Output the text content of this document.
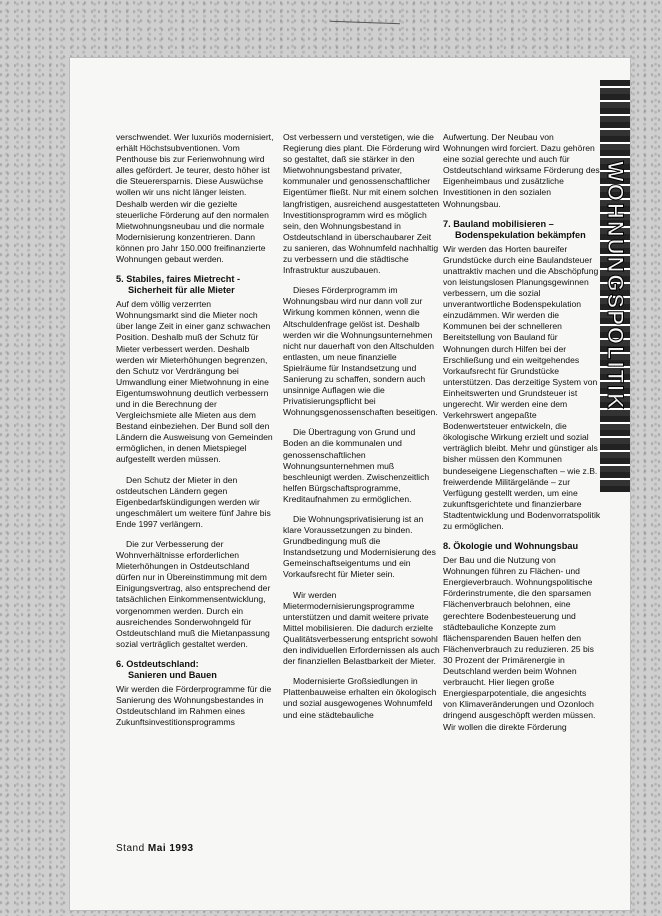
WOHNUNGSPOLITIK

verschwendet. Wer luxuriös modernisiert, erhält Höchstsubventionen. Vom Penthouse bis zur Ferienwohnung wird alles gefördert. Je teurer, desto höher ist die Steuerersparnis. Diese Auswüchse wollen wir uns nicht länger leisten. Deshalb werden wir die gezielte steuerliche Förderung auf den normalen Mietwohnungsneubau und die normale Modernisierung konzentrieren. Dann können pro Jahr 150.000 freifinanzierte Wohnungen gebaut werden.

5. Stabiles, faires Mietrecht -
Sicherheit für alle Mieter

Auf dem völlig verzerrten Wohnungsmarkt sind die Mieter noch über lange Zeit in einer ganz schwachen Position. Deshalb muß der Schutz für Mieter verbessert werden. Deshalb werden wir Mieterhöhungen begrenzen, den Schutz vor Verdrängung bei Umwandlung einer Mietwohnung in eine Eigentumswohnung deutlich verbessern und in die Berechnung der Vergleichsmiete alle Mieten aus dem Bestand einbeziehen. Der Bund soll den Ländern die Ausweisung von Gemeinden ermöglichen, in denen Mietspiegel aufgestellt werden müssen.

Den Schutz der Mieter in den ostdeutschen Ländern gegen Eigenbedarfskündigungen werden wir ungeschmälert um weitere fünf Jahre bis Ende 1997 verlängern.

Die zur Verbesserung der Wohnverhältnisse erforderlichen Mieterhöhungen in Ostdeutschland dürfen nur in Übereinstimmung mit dem Einigungsvertrag, also entsprechend der tatsächlichen Einkommensentwicklung, vorgenommen werden. Durch ein ausreichendes Sonderwohngeld für Ostdeutschland muß die Mietanpassung sozial verträglich gestaltet werden.

6. Ostdeutschland:
Sanieren und Bauen

Wir werden die Förderprogramme für die Sanierung des Wohnungsbestandes in Ostdeutschland im Rahmen eines Zukunftsinvestitionsprogramms

Ost verbessern und verstetigen, wie die Regierung dies plant. Die Förderung wird so gestaltet, daß sie stärker in den Mietwohnungsbestand privater, kommunaler und genossenschaftlicher Eigentümer fließt. Nur mit einem solchen langfristigen, ausreichend ausgestatteten Investitionsprogramm wird es möglich sein, den Wohnungsbestand in Ostdeutschland in überschaubarer Zeit zu sanieren, das Wohnumfeld nachhaltig zu verbessern und die städtische Infrastruktur auszubauen.

Dieses Förderprogramm im Wohnungsbau wird nur dann voll zur Wirkung kommen können, wenn die Altschuldenfrage gelöst ist. Deshalb werden wir die Wohnungsunternehmen nicht nur dauerhaft von den Altschulden entlasten, um neue finanzielle Spielräume für Instandsetzung und Sanierung zu schaffen, sondern auch unsinnige Auflagen wie die Privatisierungspflicht bei Wohnungsgenossenschaften beseitigen.

Die Übertragung von Grund und Boden an die kommunalen und genossenschaftlichen Wohnungsunternehmen muß beschleunigt werden. Zwischenzeitlich helfen Bürgschaftsprogramme, Kreditaufnahmen zu ermöglichen.

Die Wohnungsprivatisierung ist an klare Voraussetzungen zu binden. Grundbedingung muß die Instandsetzung und Modernisierung des Gemeinschaftseigentums und ein Vorkaufsrecht für Mieter sein.

Wir werden Mietermodernisierungsprogramme unterstützen und damit weitere private Mittel mobilisieren. Die dadurch erzielte Qualitätsverbesserung entspricht sowohl den individuellen Erfordernissen als auch der finanziellen Belastbarkeit der Mieter.

Modernisierte Großsiedlungen in Plattenbauweise erhalten ein ökologisch und sozial ausgewogenes Wohnumfeld und eine städtebauliche

Aufwertung. Der Neubau von Wohnungen wird forciert. Dazu gehören eine sozial gerechte und auch für Ostdeutschland wirksame Förderung des Eigenheimbaus und zusätzliche Investitionen in den sozialen Wohnungsbau.

7. Bauland mobilisieren –
Bodenspekulation bekämpfen

Wir werden das Horten baureifer Grundstücke durch eine Baulandsteuer unattraktiv machen und die Abschöpfung von leistungslosen Planungsgewinnen verbessern, um die sozial unverantwortliche Bodenspekulation einzudämmen. Wir werden die Kommunen bei der schnelleren Bereitstellung von Bauland für Wohnungen durch Hilfen bei der Erschließung und ein weitgehendes Vorkaufsrecht für Grundstücke unterstützen. Das derzeitige System von Einheitswerten und Grundsteuer ist ungerecht. Wir werden eine dem Verkehrswert angepaßte Bodenwertsteuer entwickeln, die ökologische Wirkung erzielt und sozial verträglich bleibt. Mehr und günstiger als bisher müssen den Kommunen bundeseigene Liegenschaften – wie z.B. freiwerdende Militärgelände – zur Verfügung gestellt werden, um eine zukunftsgerichtete und finanzierbare Stadtentwicklung und Bodenvorratspolitik zu ermöglichen.

8. Ökologie und Wohnungsbau

Der Bau und die Nutzung von Wohnungen führen zu Flächen- und Energieverbrauch. Wohnungspolitische Förderinstrumente, die den sparsamen Flächenverbrauch belohnen, eine gerechtere Bodenbesteuerung und städtebauliche Konzepte zum flächensparenden Bauen helfen den Flächenverbrauch zu reduzieren. 25 bis 30 Prozent der Primärenergie in Deutschland werden beim Wohnen verbraucht. Hier liegen große Energiesparpotentiale, die angesichts von Klimaveränderungen und Ozonloch dringend ausgeschöpft werden müssen. Wir wollen die direkte Förderung

Stand Mai 1993
